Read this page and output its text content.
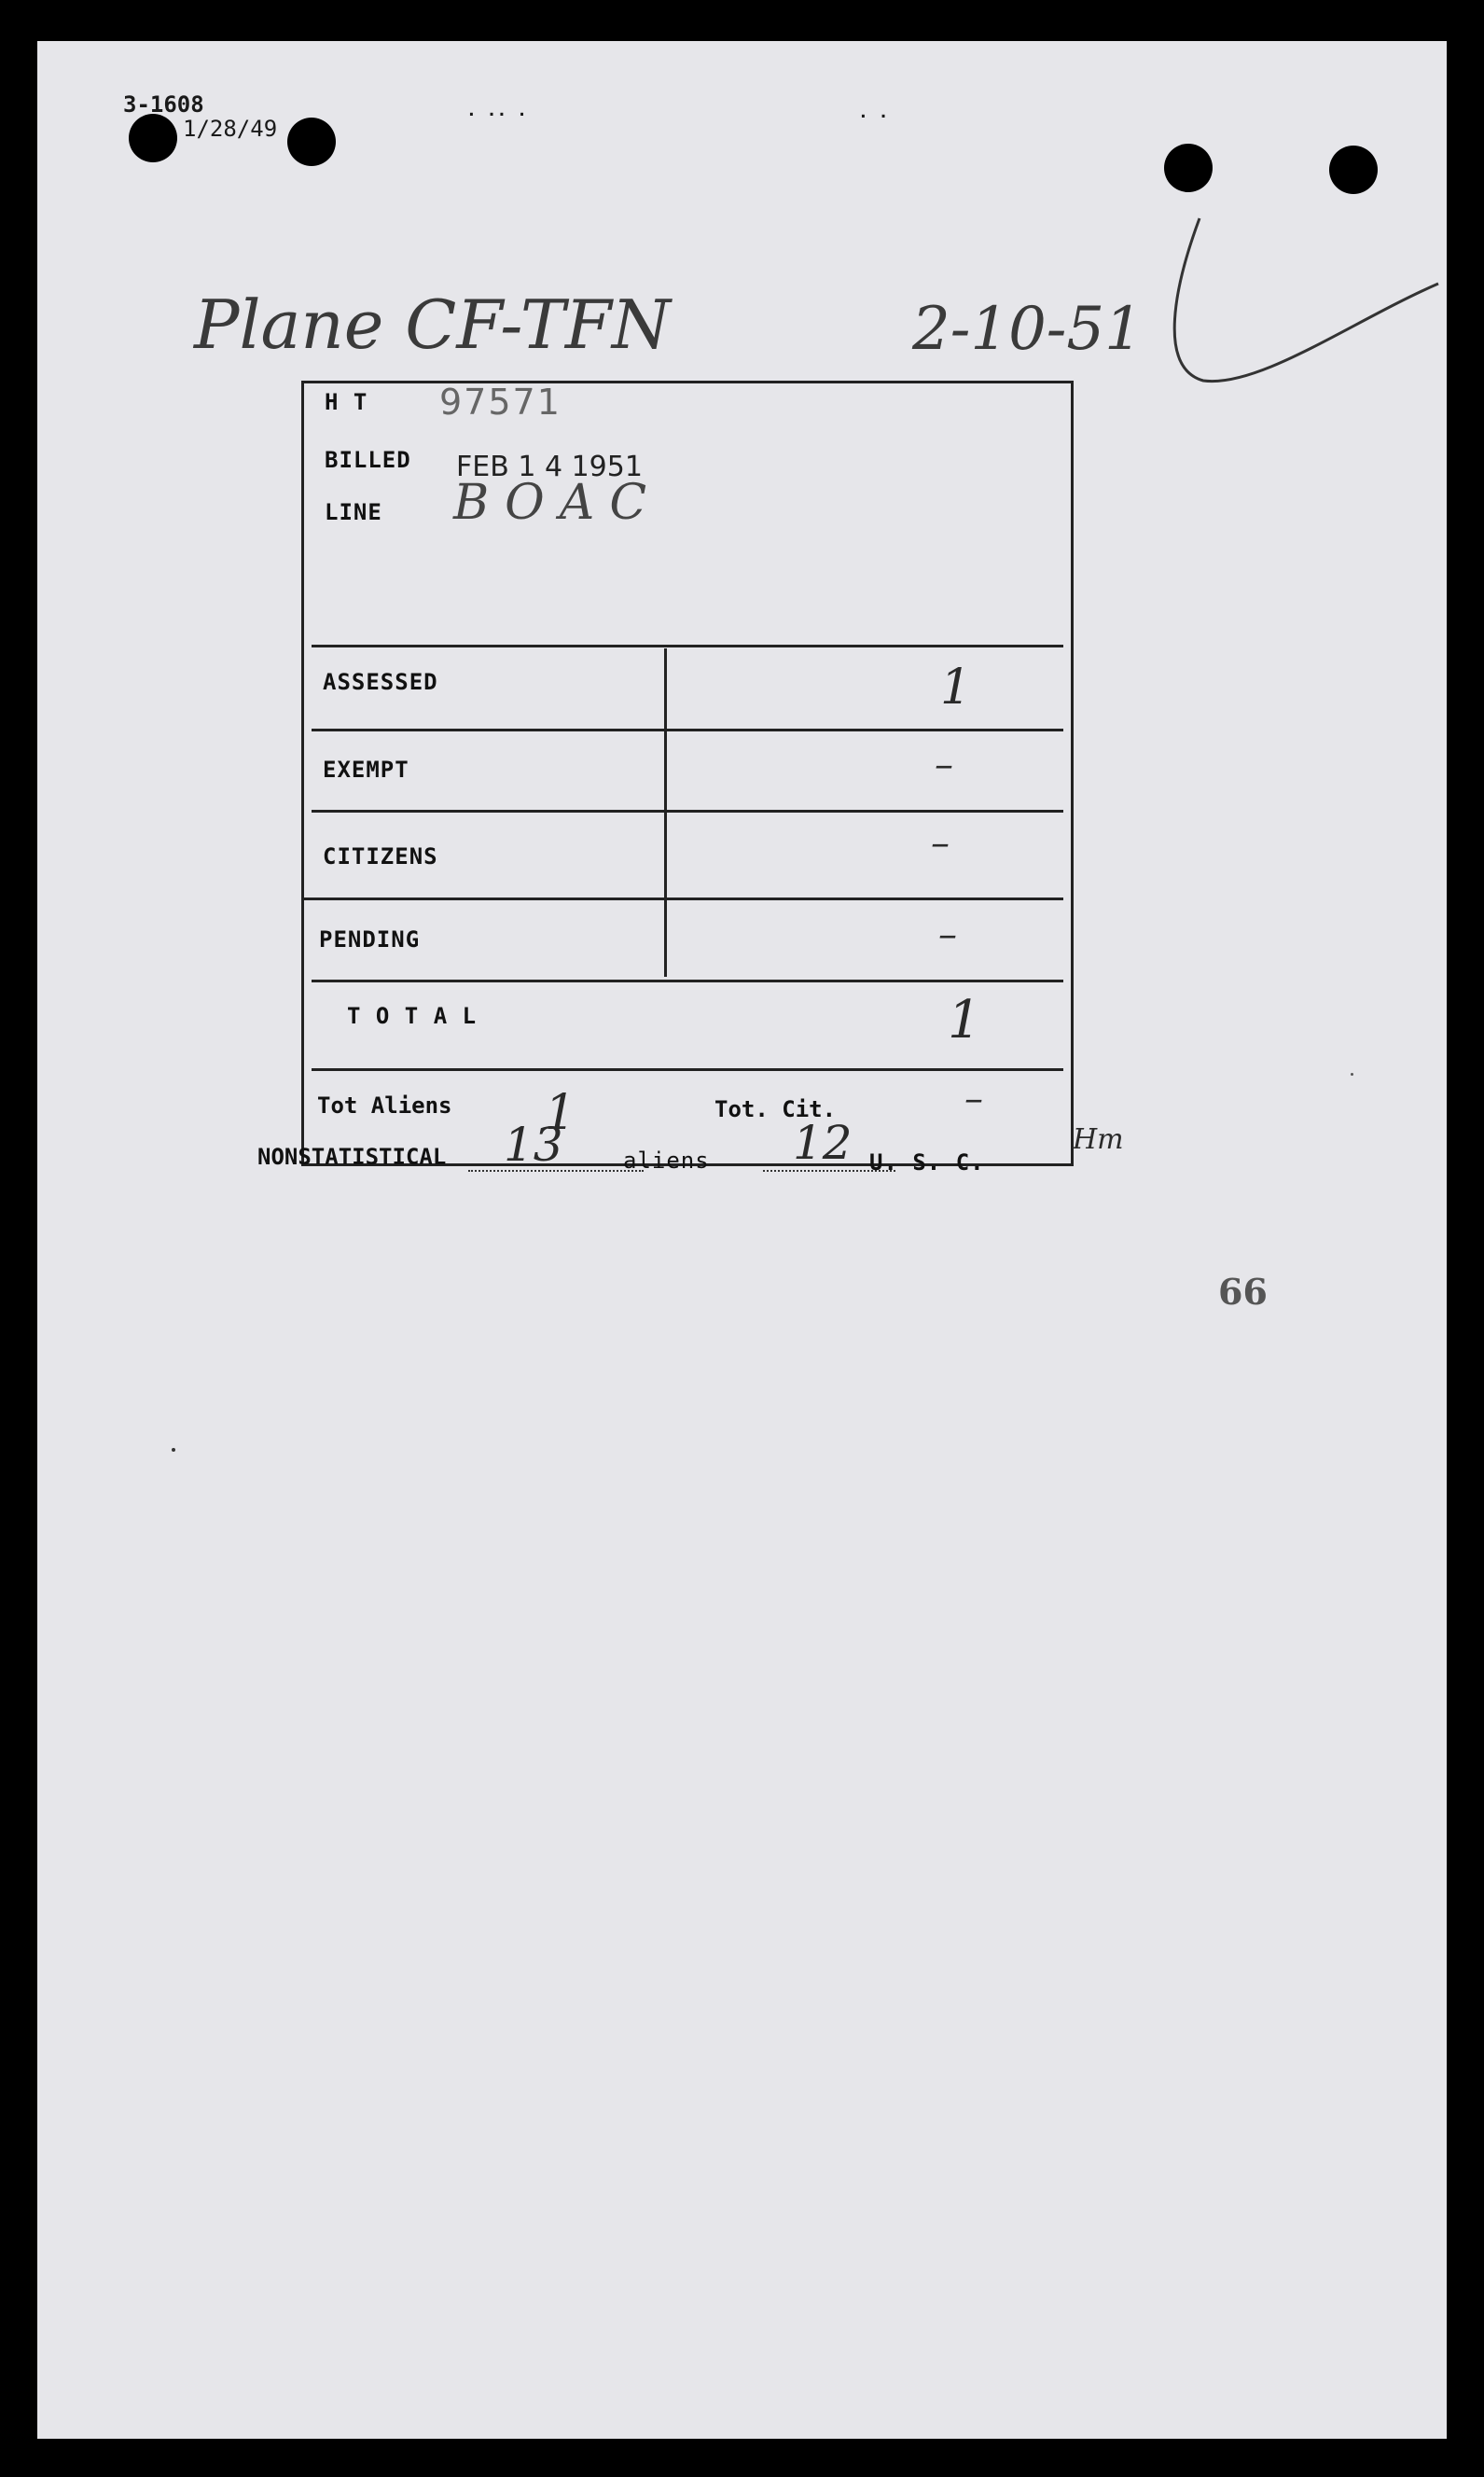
3-1608
1/28/49
. .. .	. .
Plane CF-TFN	2-10-51
H T 97571
BILLED FEB 1 4 1951
LINE BOAC
ASSESSED	1
EXEMPT	–
CITIZENS	–
PENDING	–
T O T A L	1
Tot Aliens 1	Tot. Cit.	–
Hm
NONSTATISTICAL 13	aliens 12 U. S. C.
66
